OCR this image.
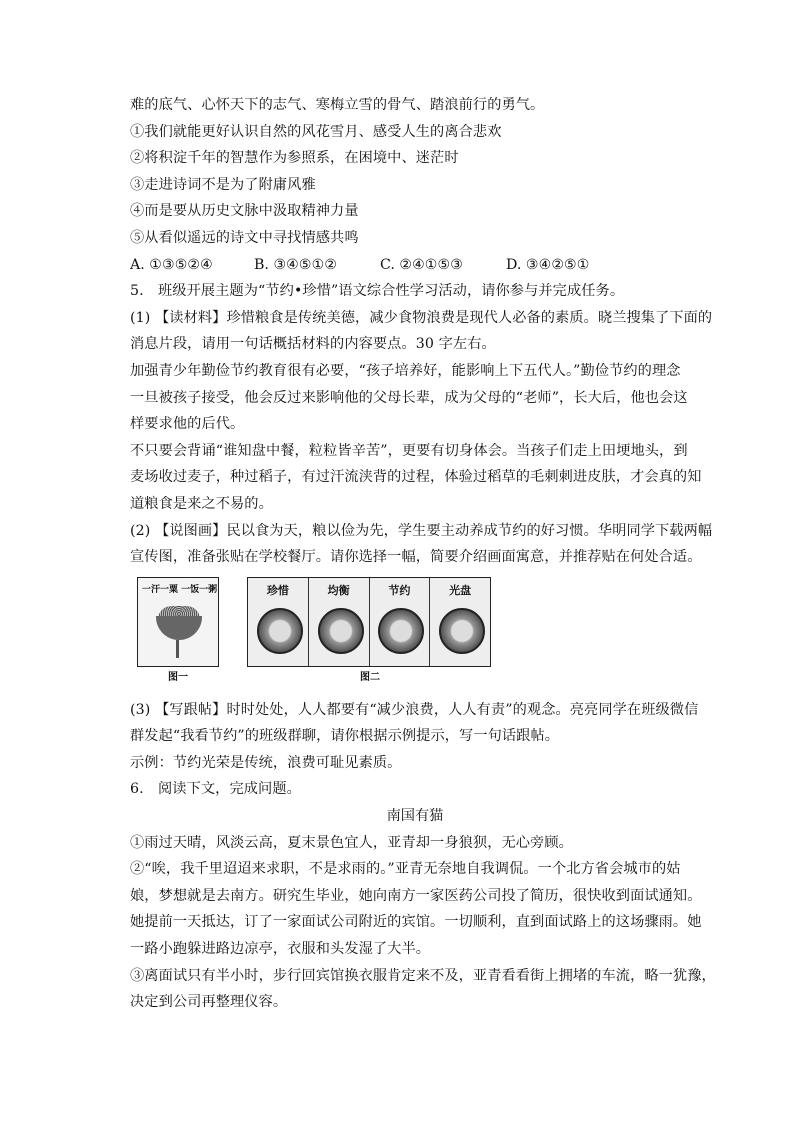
难的底气、心怀天下的志气、寒梅立雪的骨气、踏浪前行的勇气。
①我们就能更好认识自然的风花雪月、感受人生的离合悲欢
②将积淀千年的智慧作为参照系，在困境中、迷茫时
③走进诗词不是为了附庸风雅
④而是要从历史文脉中汲取精神力量
⑤从看似遥远的诗文中寻找情感共鸣
A. ①③⑤②④	B. ③④⑤①②	C. ②④①⑤③	D. ③④②⑤①
5.　班级开展主题为“节约•珍惜”语文综合性学习活动，请你参与并完成任务。
(1) 【读材料】珍惜粮食是传统美德，减少食物浪费是现代人必备的素质。晓兰搜集了下面的
消息片段，请用一句话概括材料的内容要点。30 字左右。
加强青少年勤俭节约教育很有必要，“孩子培养好，能影响上下五代人。”勤俭节约的理念
一旦被孩子接受，他会反过来影响他的父母长辈，成为父母的“老师”，长大后，他也会这
样要求他的后代。
不只要会背诵“谁知盘中餐，粒粒皆辛苦”，更要有切身体会。当孩子们走上田埂地头，到
麦场收过麦子，种过稻子，有过汗流浃背的过程，体验过稻草的毛刺刺进皮肤，才会真的知
道粮食是来之不易的。
(2) 【说图画】民以食为天，粮以俭为先，学生要主动养成节约的好习惯。华明同学下载两幅
宣传图，准备张贴在学校餐厅。请你选择一幅，简要介绍画面寓意，并推荐贴在何处合适。
一汗一粟 一饭一粥	珍惜	均衡	节约	光盘
图一	图二
(3) 【写跟帖】时时处处，人人都要有“减少浪费，人人有责”的观念。亮亮同学在班级微信
群发起“我看节约”的班级群聊，请你根据示例提示，写一句话跟帖。
示例：节约光荣是传统，浪费可耻见素质。
6.　阅读下文，完成问题。
南国有猫
①雨过天晴，风淡云高，夏末景色宜人，亚青却一身狼狈，无心旁顾。
②“唉，我千里迢迢来求职，不是求雨的。”亚青无奈地自我调侃。一个北方省会城市的姑
娘，梦想就是去南方。研究生毕业，她向南方一家医药公司投了简历，很快收到面试通知。
她提前一天抵达，订了一家面试公司附近的宾馆。一切顺利，直到面试路上的这场骤雨。她
一路小跑躲进路边凉亭，衣服和头发湿了大半。
③离面试只有半小时，步行回宾馆换衣服肯定来不及，亚青看看街上拥堵的车流，略一犹豫，
决定到公司再整理仪容。
